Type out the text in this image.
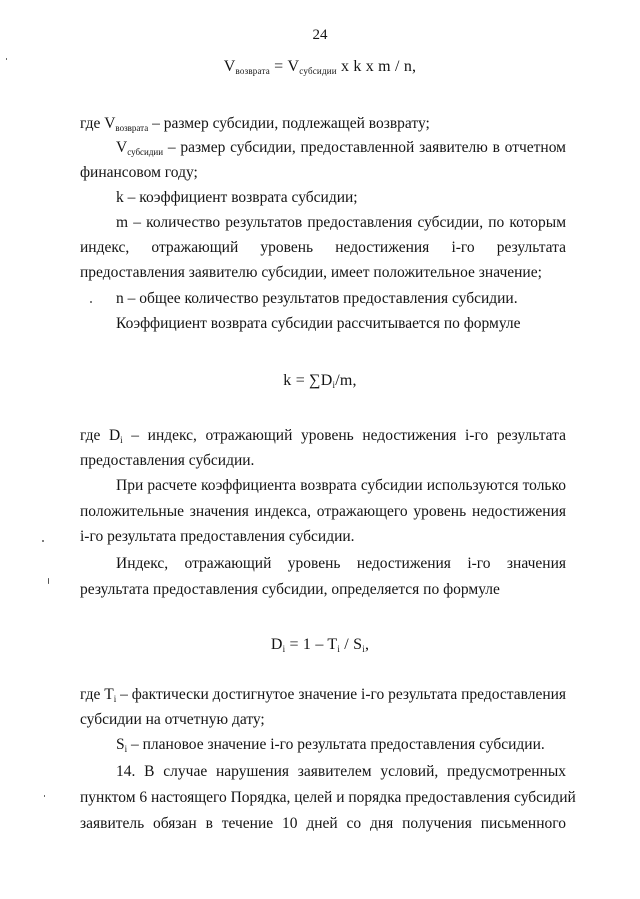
24
$V_{возврата} = V_{субсидии}$ x k x m / n,
где $V_{возврата}$ – размер субсидии, подлежащей возврату;
$V_{субсидии}$ – размер субсидии, предоставленной заявителю в отчетном
финансовом году;
k – коэффициент возврата субсидии;
m – количество результатов предоставления субсидии, по которым
индекс, отражающий уровень недостижения i-го результата
предоставления заявителю субсидии, имеет положительное значение;
n – общее количество результатов предоставления субсидии.
Коэффициент возврата субсидии рассчитывается по формуле
$k = \sum D_i/m$,
где $D_i$ – индекс, отражающий уровень недостижения i-го результата
предоставления субсидии.
При расчете коэффициента возврата субсидии используются только
положительные значения индекса, отражающего уровень недостижения
i-го результата предоставления субсидии.
Индекс, отражающий уровень недостижения i-го значения
результата предоставления субсидии, определяется по формуле
$D_i = 1 - T_i / S_i$,
где $T_i$ – фактически достигнутое значение i-го результата предоставления
субсидии на отчетную дату;
$S_i$ – плановое значение i-го результата предоставления субсидии.
14. В случае нарушения заявителем условий, предусмотренных
пунктом 6 настоящего Порядка, целей и порядка предоставления субсидий
заявитель обязан в течение 10 дней со дня получения письменного
